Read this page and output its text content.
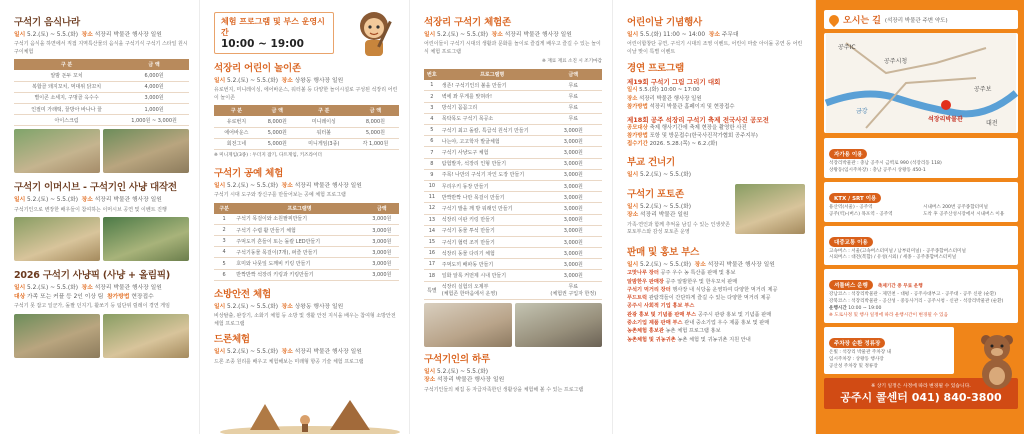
구석기 음식나라
일시 5.2.(토) ~ 5.5.(화) 장소 석장리 박물관 행사장 일원
구석기 음식을 하면에서 직접 지역특산물의 음식을 구석기식 구석기 스타일 원시 구이체험
구 분	금 액
알밤 돈두 꼬치	6,000원
복합골 돼지꼬치, 먹대위 닭꼬치	4,000원
별이콘 소세지, 구멍골 옥수수	3,000원
인절미 가래떡, 꿀방아 바나나 꿀	1,000원
아이스크림	1,000원 ~ 3,000원
구석기 이머시브 - 구석기인 사냥 대작전
일시 5.2.(토) ~ 5.5.(화) 장소 석장리 박물관 행사장 일원
구석기인으로 변장한 배우들이 참여하는 이머시브 공연 및 이벤트 진행
2026 구석기 사냥픽 (사냥 + 올림픽)
일시 5.2.(토) ~ 5.5.(화) 장소 석장리 박물관 행사장 일원
대상 가족 또는 커플 등 2인 이상 팀 참가방법 현장접수
구석기 못 잡고 일군가, 돌팔 던지기, 활쏘기 등 팀단위 릴레이 경연 게임
체험 프로그램 및 부스 운영시간
10:00 ~ 19:00
석장리 어린이 놀이존
일시 5.2.(토) ~ 5.5.(화) 장소 상왕동 행사장 일원
유로번지, 미니레이싱, 에어바운스, 워터볼 등 다양한 놀이시설로 구성된 석장리 어린이 놀이존
구 분	금 액	구 분	금 액
유로번지	8,000원	미니레이싱	8,000원
에어바운스	5,000원	워터볼	5,000원
회전그네	5,000원	미니게임(3종)	각 1,000원
※ 미니게임(3종) : 두더지 잡기, 다트게임, 키즈라이더
구석기 공예 체험
일시 5.2.(토) ~ 5.5.(화) 장소 석장리 박물관 행사장 일원
구석기 시대 도구와 장신구를 만들어보는 공예 체험 프로그램
구분	프로그램명	금액
1	구석기 목걸이와 소원팔찌만들기	3,000원
2	구석기 수렵 활 만들기 체험	3,000원
3	주먹도끼 흔들이 또는 돌칼 LED만들기	3,000원
4	구석기동물 목걸이(7개), 퍼즐 만들기	3,000원
5	호미와 나뭇잎 도깨비 키링 만들기	3,000원
6	반짝반짝 석장리 키링과 키링만들기	3,000원
소방안전 체험
일시 5.2.(토) ~ 5.5.(화) 장소 상왕동 행사장 일원
비상탈출, 완강기, 소화기 체험 등 소방 및 생활 안전 지식을 배우는 참여형 소방안전 체험 프로그램
드론체험
일시 5.2.(토) ~ 5.5.(화) 장소 석장리 박물관 행사장 일원
드론 조종 원리를 배우고 체험해보는 미래형 항공 기술 체험 프로그램
석장리 구석기 체험존
일시 5.2.(토) ~ 5.5.(화) 장소 석장리 박물관 행사장 일원
어린이들이 구석기 시대의 생활과 문화를 놀이로 즐겁게 배우고 즐길 수 있는 놀이식 체험 프로그램
※ 재료 재료 소진 시 조기마감
번호	프로그램명	금액
1	생존! 구석기인의 불을 만들기	무료
2	벽에 꽈 무게를 맞혀라!	무료
3	방석기 꼼꼼그리	무료
4	목탁목도 구석기 목공소	무료
5	구석기 최고 돌칼, 특급석 원석기 만들기	3,000원
6	나는야, 고고학자 발굴체험	3,000원
7	구석기 사냥도구 체험	3,000원
8	탐험발자, 석장리 인형 만들기	3,000원
9	주목! 나만의 구석기 자인 도장 만들기	3,000원
10	무리우키 동장 만들기	3,000원
11	반짝반짝 나만 목걸이 만들기	3,000원
12	구석기 발을 깨 방 워래인 만들기	3,000원
13	석장리 이판 키링 만들기	3,000원
14	구석기 동물 투석 만들기	3,000원
15	구석기 협력 조끼 만들기	3,000원
16	석장리 동물 다리기 체험	3,000원
17	주먹도끼 배파동 만들기	3,000원
18	일화 알록 커먼제 시내 만들기	3,000원
특별	석장리 실험의 오제부
(체험존 한마음에서 운영)	무료
(체험권 구입자 한정)
구석기인의 하루
일시 5.2.(토) ~ 5.5.(화)
장소 석장리 박물관 행사장 일원
구석기인들의 채집 등 자급자족한던 생활상을 체험해 볼 수 있는 프로그램
어린이날 기념행사
일시 5.5.(화) 11:00 ~ 14:00 장소 주무대
어린이합창단 공연, 구석기 시대의 조영 이벤트, 어린이 마술 아이돌 공연 등 어린이날 맞이 특별 이벤트
경연 프로그램
제19회 구석기 그림 그리기 대회
일시 5.5.(화) 10:00 ~ 17:00
장소 석장리 박물관 행사장 일원
참가방법 석장리 박물관 홈페이지 및 현장접수
제18회 공주 석장리 구석기 축제 전국사진 공모전
공모대상 축제 행사기간에 축제 현장을 촬영한 사진
참가방법 포항 및 방문접수(한국사진작가협회 공주지부)
접수기간 2026. 5.28.(목) ~ 6.2.(화)
부교 건너기
일시 5.2.(토) ~ 5.5.(화)
구석기 포토존
일시 5.2.(토) ~ 5.5.(화)
장소 석장리 박물관 일원
가족·연인과 함께 추억을 남길 수 있는 인생샷존 포토부스와 감성 포토존 운영
판매 및 홍보 부스
일시 5.2.(토) ~ 5.5.(화) 장소 석장리 박물관 행사장 일원
고맛나루 장터 공주 우수 농 특산품 판매 및 홍보
알밤한우 판매장 공주 알밤한우 및 한우꼬치 판매
구석기 먹거리 장터 행사장 내 식당을 운영하여 다양한 먹거리 제공
푸드트럭 관람객들이 간단하게 즐길 수 있는 다양한 먹거리 제공
공주시 사회적 기업 홍보 부스
관광 홍보 및 기념품 판매 부스 공주시 관광 홍보 및 기념품 판매
중소기업 제품 판매 부스 관내 중소기업 우수 제품 홍보 및 판매
농촌체험 홍보관 농촌 체험 프로그램 홍보
농촌체험 및 귀농귀촌 농촌 체험 및 귀농귀촌 지원 안내
오시는 길 (석장리 박물관 주변 약도)
공주IC
공주시청
금강
석장리박물관
공주보
대전
자가용 이용
석장리박물관 : 충남 공주시 금벽로 990 (석장리동 118)
상왕동(임시주차장) : 충남 공주시 상왕동 450-1
KTX / SRT 이용
용산역(서울) - 공주역
공주(역)-(버스) 목포역 - 공주역
시내버스 200번 공주종합터미널
도착 후 공주산성시장에서 시내버스 이용
대중교통 이용
고속버스 : 서울(고속버스터미널 / 남부터미널) - 공주종합버스터미널
시외버스 : 대전(복합) / 유성(시외) / 세종 - 공주종합버스터미널
셔틀버스 운행 축제기간 중 무료 운행
강남코스 : 석장리박물관 - 제민천 - 대평 - 공주사대부고 - 공주대 - 공주 신관 (순환)
강북코스 : 석장리박물관 - 공산성 - 중동사거리 - 공주시청 - 신관 - 석장리박물관 (순환)
운행시간 10:00 ~ 19:00
※ 도로사정 및 행사 일정에 따라 운행시간이 변경될 수 있음
주차장 순환 정류장
온빛 : 석장리 박물관 주차장 내
임시주차장 : 상왕동 행사장
공산성 주차장 및 정류장
※ 상기 일정은 사정에 따라 변경될 수 있습니다.
공주시 콜센터 041) 840-3800
